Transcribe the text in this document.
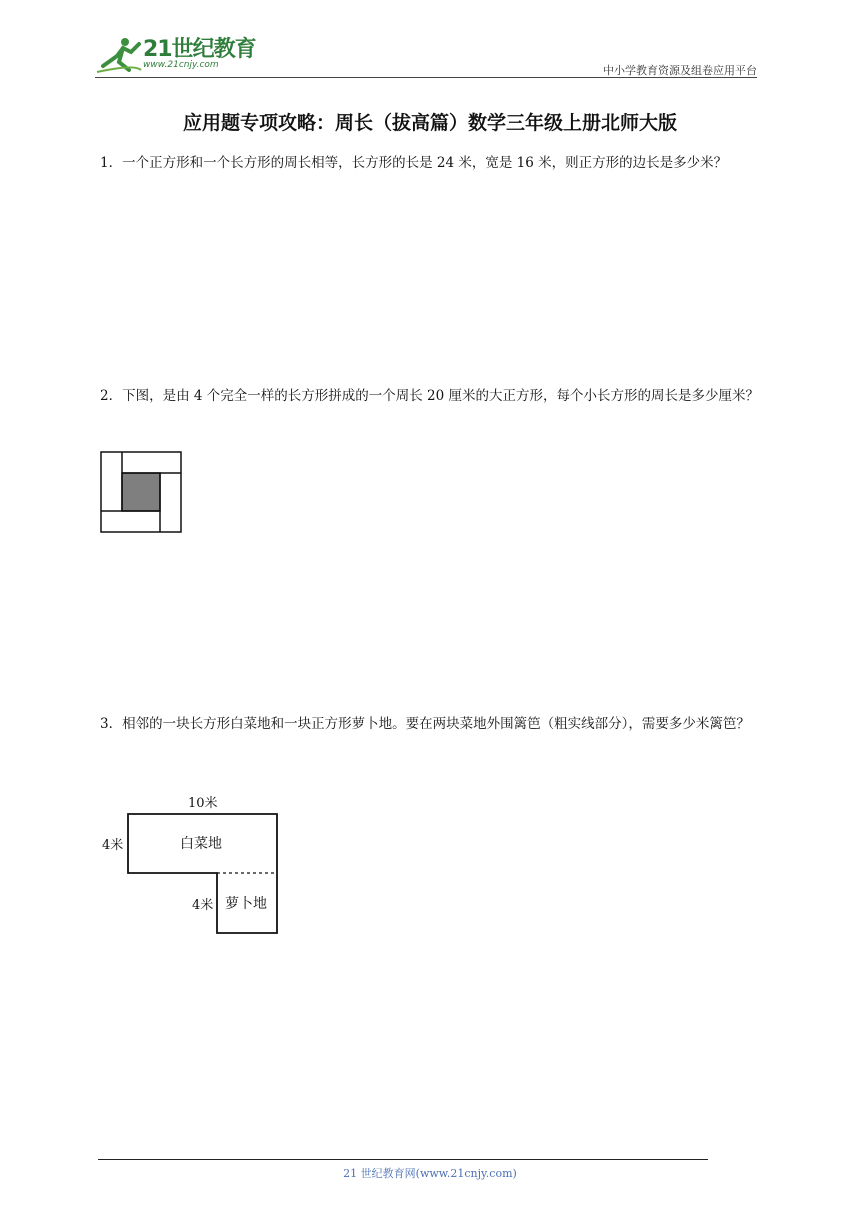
21世纪教育
www.21cnjy.com	中小学教育资源及组卷应用平台
应用题专项攻略：周长（拔高篇）数学三年级上册北师大版
1．一个正方形和一个长方形的周长相等，长方形的长是 24 米，宽是 16 米，则正方形的边长是多少米？
2．下图，是由 4 个完全一样的长方形拼成的一个周长 20 厘米的大正方形，每个小长方形的周长是多少厘米？
3．相邻的一块长方形白菜地和一块正方形萝卜地。要在两块菜地外围篱笆（粗实线部分），需要多少米篱笆？
10米
4米	白菜地
4米 萝卜地
21 世纪教育网(www.21cnjy.com)
